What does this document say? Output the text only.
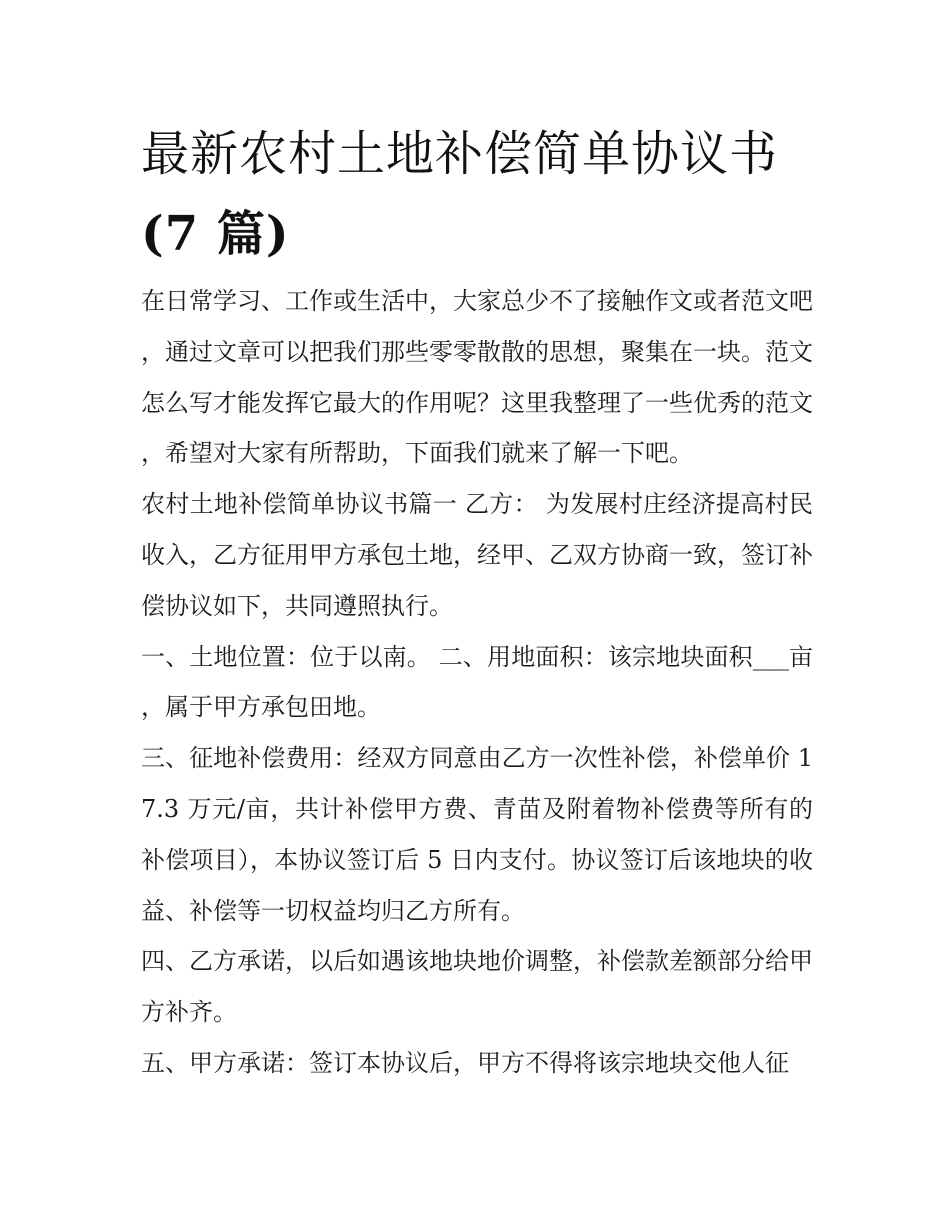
最新农村土地补偿简单协议书
(7 篇)

在日常学习、工作或生活中，大家总少不了接触作文或者范文吧，通过文章可以把我们那些零零散散的思想，聚集在一块。范文怎么写才能发挥它最大的作用呢？这里我整理了一些优秀的范文，希望对大家有所帮助，下面我们就来了解一下吧。

农村土地补偿简单协议书篇一 乙方： 为发展村庄经济提高村民收入，乙方征用甲方承包土地，经甲、乙双方协商一致，签订补偿协议如下，共同遵照执行。

一、土地位置：位于以南。 二、用地面积：该宗地块面积___亩，属于甲方承包田地。

三、征地补偿费用：经双方同意由乙方一次性补偿，补偿单价 17.3 万元/亩，共计补偿甲方费、青苗及附着物补偿费等所有的补偿项目），本协议签订后 5 日内支付。协议签订后该地块的收益、补偿等一切权益均归乙方所有。

四、乙方承诺，以后如遇该地块地价调整，补偿款差额部分给甲方补齐。

五、甲方承诺：签订本协议后，甲方不得将该宗地块交他人征
